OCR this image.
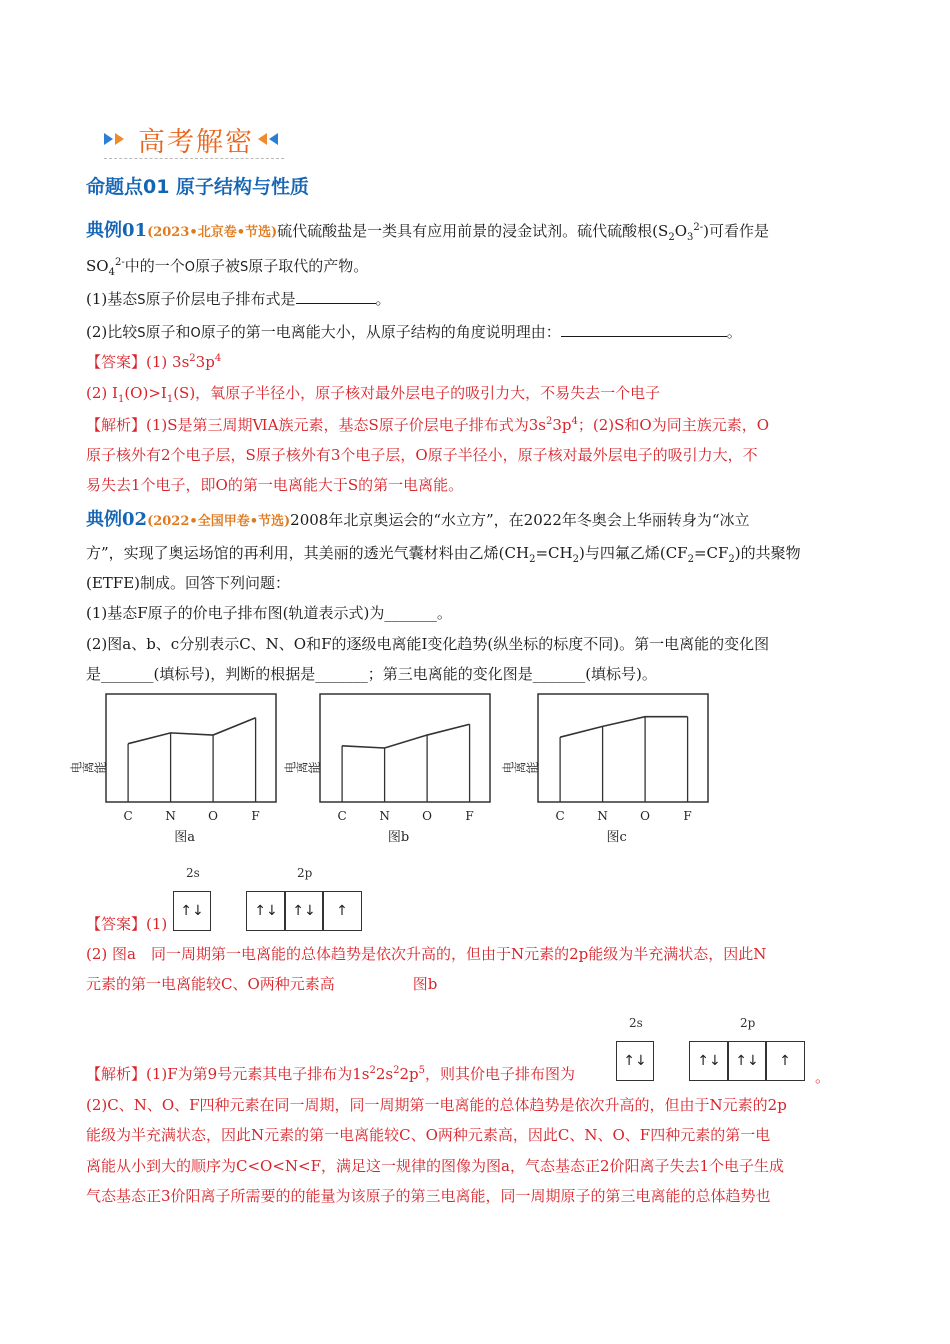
高考解密
命题点01 原子结构与性质
典例01(2023•北京卷•节选)硫代硫酸盐是一类具有应用前景的浸金试剂。硫代硫酸根$(S_2O_3^{2-})$可看作是
$SO_4^{2-}$中的一个O原子被S原子取代的产物。
(1)基态S原子价层电子排布式是	。
(2)比较S原子和O原子的第一电离能大小，从原子结构的角度说明理由：	。
【答案】(1) $3s^23p^4$
(2) $I_1(O)>I_1(S)$，氧原子半径小，原子核对最外层电子的吸引力大，不易失去一个电子
【解析】(1)S是第三周期ⅥA族元素，基态S原子价层电子排布式为$3s^23p^4$；(2)S和O为同主族元素，O
原子核外有2个电子层，S原子核外有3个电子层，O原子半径小，原子核对最外层电子的吸引力大，不
易失去1个电子，即O的第一电离能大于S的第一电离能。
典例02(2022•全国甲卷•节选)2008年北京奥运会的“水立方”，在2022年冬奥会上华丽转身为“冰立
方”，实现了奥运场馆的再利用，其美丽的透光气囊材料由乙烯$(CH_2=CH_2)$与四氟乙烯$(CF_2=CF_2)$的共聚物
(ETFE)制成。回答下列问题：
(1)基态F原子的价电子排布图(轨道表示式)为_______。
(2)图a、b、c分别表示C、N、O和F的逐级电离能Ⅰ变化趋势(纵坐标的标度不同)。第一电离能的变化图
是_______(填标号)，判断的根据是_______；第三电离能的变化图是_______(填标号)。
C	N	O	F
图a
电离能
C	N	O	F
图b
电离能
C	N	O	F
图c
电离能
【答案】(1)
2s	2p
↑↓	↑↓	↑↓	↑
(2) 图a　同一周期第一电离能的总体趋势是依次升高的，但由于N元素的2p能级为半充满状态，因此N
元素的第一电离能较C、O两种元素高	图b
2s	2p
↑↓	↑↓	↑↓	↑
【解析】(1)F为第9号元素其电子排布为$1s^22s^22p^5$，则其价电子排布图为	。
(2)C、N、O、F四种元素在同一周期，同一周期第一电离能的总体趋势是依次升高的，但由于N元素的2p
能级为半充满状态，因此N元素的第一电离能较C、O两种元素高，因此C、N、O、F四种元素的第一电
离能从小到大的顺序为C<O<N<F，满足这一规律的图像为图a，气态基态正2价阳离子失去1个电子生成
气态基态正3价阳离子所需要的的能量为该原子的第三电离能，同一周期原子的第三电离能的总体趋势也
